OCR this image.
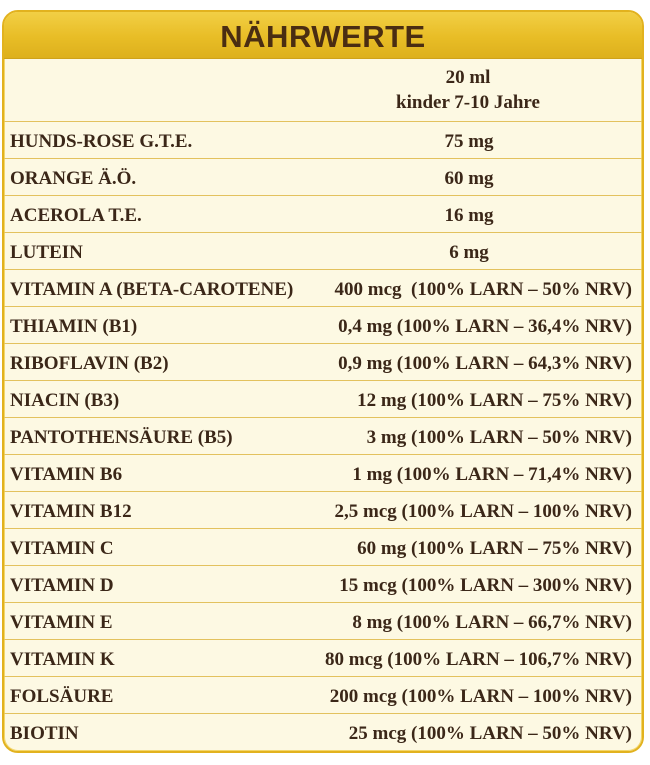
NÄHRWERTE
20 ml
kinder 7-10 Jahre
HUNDS-ROSE G.T.E.	75 mg
ORANGE Ä.Ö.	60 mg
ACEROLA T.E.	16 mg
LUTEIN	6 mg
VITAMIN A (BETA-CAROTENE) 400 mcg  (100% LARN – 50% NRV)
THIAMIN (B1)	0,4 mg (100% LARN – 36,4% NRV)
RIBOFLAVIN (B2)	0,9 mg (100% LARN – 64,3% NRV)
NIACIN (B3)	12 mg (100% LARN – 75% NRV)
PANTOTHENSÄURE (B5)	3 mg (100% LARN – 50% NRV)
VITAMIN B6	1 mg (100% LARN – 71,4% NRV)
VITAMIN B12	2,5 mcg (100% LARN – 100% NRV)
VITAMIN C	60 mg (100% LARN – 75% NRV)
VITAMIN D	15 mcg (100% LARN – 300% NRV)
VITAMIN E	8 mg (100% LARN – 66,7% NRV)
VITAMIN K	80 mcg (100% LARN – 106,7% NRV)
FOLSÄURE	200 mcg (100% LARN – 100% NRV)
BIOTIN	25 mcg (100% LARN – 50% NRV)
